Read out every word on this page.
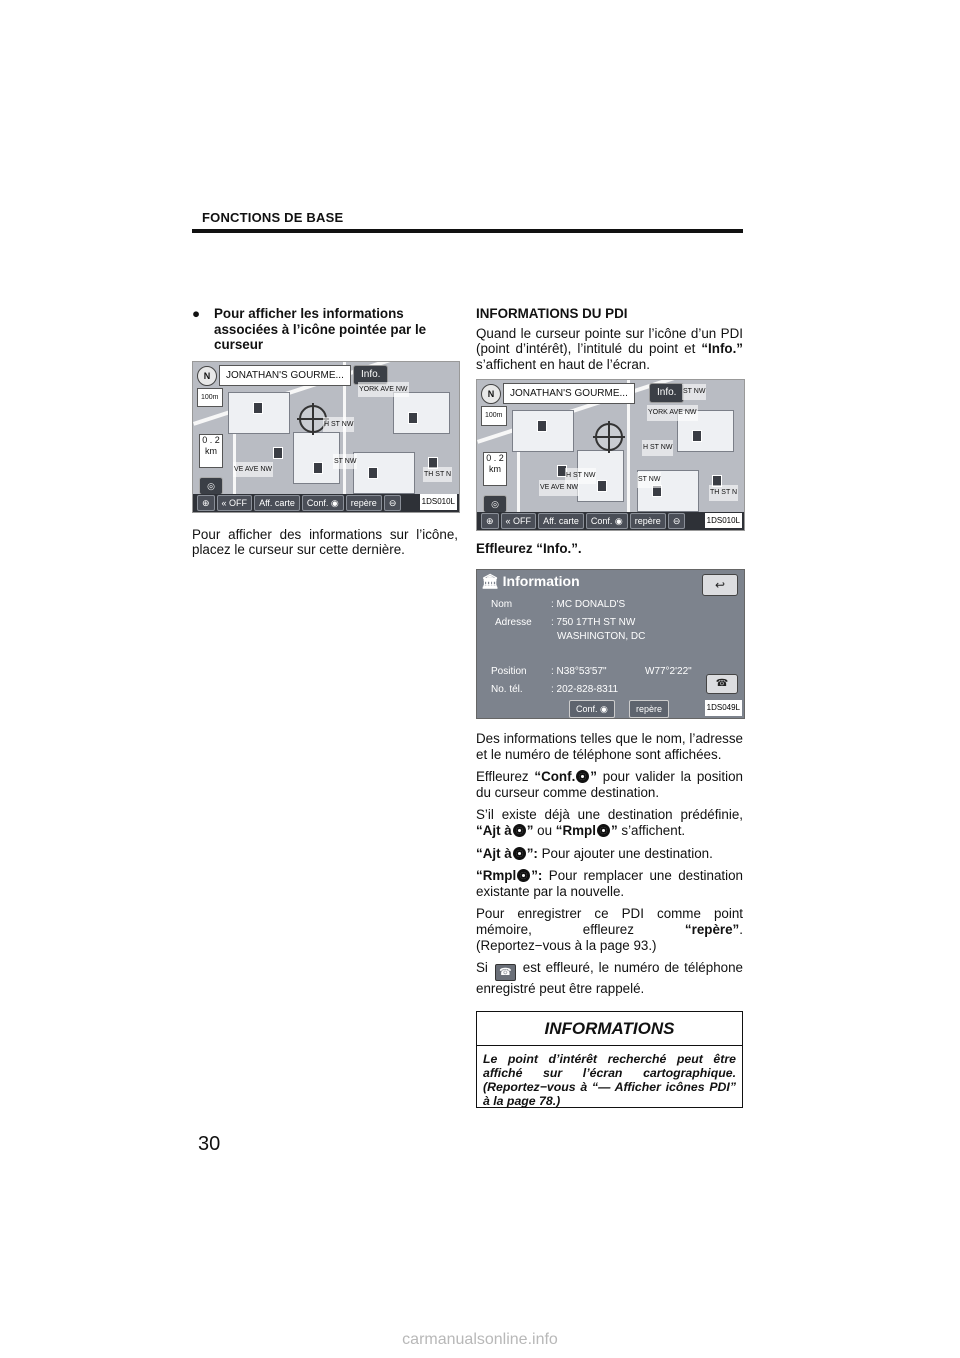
FONCTIONS DE BASE

● Pour afficher les informations associées à l’icône pointée par le curseur

N	JONATHAN'S GOURME...	Info.
100m
0 . 2
km
YORK AVE NW
H ST NW
ST NW
VE AVE NW
TH ST N
◎
⊕	« OFF	Aff. carte	Conf. ◉	repère	⊖	1DS010L

Pour afficher des informations sur l’icône, placez le curseur sur cette dernière.

INFORMATIONS DU PDI

Quand le curseur pointe sur l’icône d’un PDI (point d’intérêt), l’intitulé du point et “Info.” s’affichent en haut de l’écran.

N	JONATHAN'S GOURME...	Info.
100m
0 . 2
km
ST NW
YORK AVE NW
H ST NW
ST NW
VE AVE NW
H ST NW
TH ST N
◎
⊕	« OFF	Aff. carte	Conf. ◉	repère	⊖	1DS010L

Effleurez “Info.”.

🏛 Information	↩
Nom	: MC DONALD'S
Adresse : 750 17TH ST NW
WASHINGTON, DC
Position : N38°53'57"	W77°2'22"
No. tél.	: 202-828-8311
☎
Conf. ◉	repère	1DS049L

Des informations telles que le nom, l’adresse et le numéro de téléphone sont affichées.

Effleurez “Conf. ” pour valider la position du curseur comme destination.

S’il existe déjà une destination prédéfinie, “Ajt à ” ou “Rmpl ” s’affichent.

“Ajt à ”: Pour ajouter une destination.

“Rmpl ”: Pour remplacer une destination existante par la nouvelle.

Pour enregistrer ce PDI comme point mémoire, effleurez “repère”. (Reportez−vous à la page 93.)

Si ☎ est effleuré, le numéro de téléphone enregistré peut être rappelé.

INFORMATIONS
Le point d’intérêt recherché peut être affiché sur l’écran cartographique. (Reportez−vous à “— Afficher icônes PDI” à la page 78.)
30
carmanualsonline.info
